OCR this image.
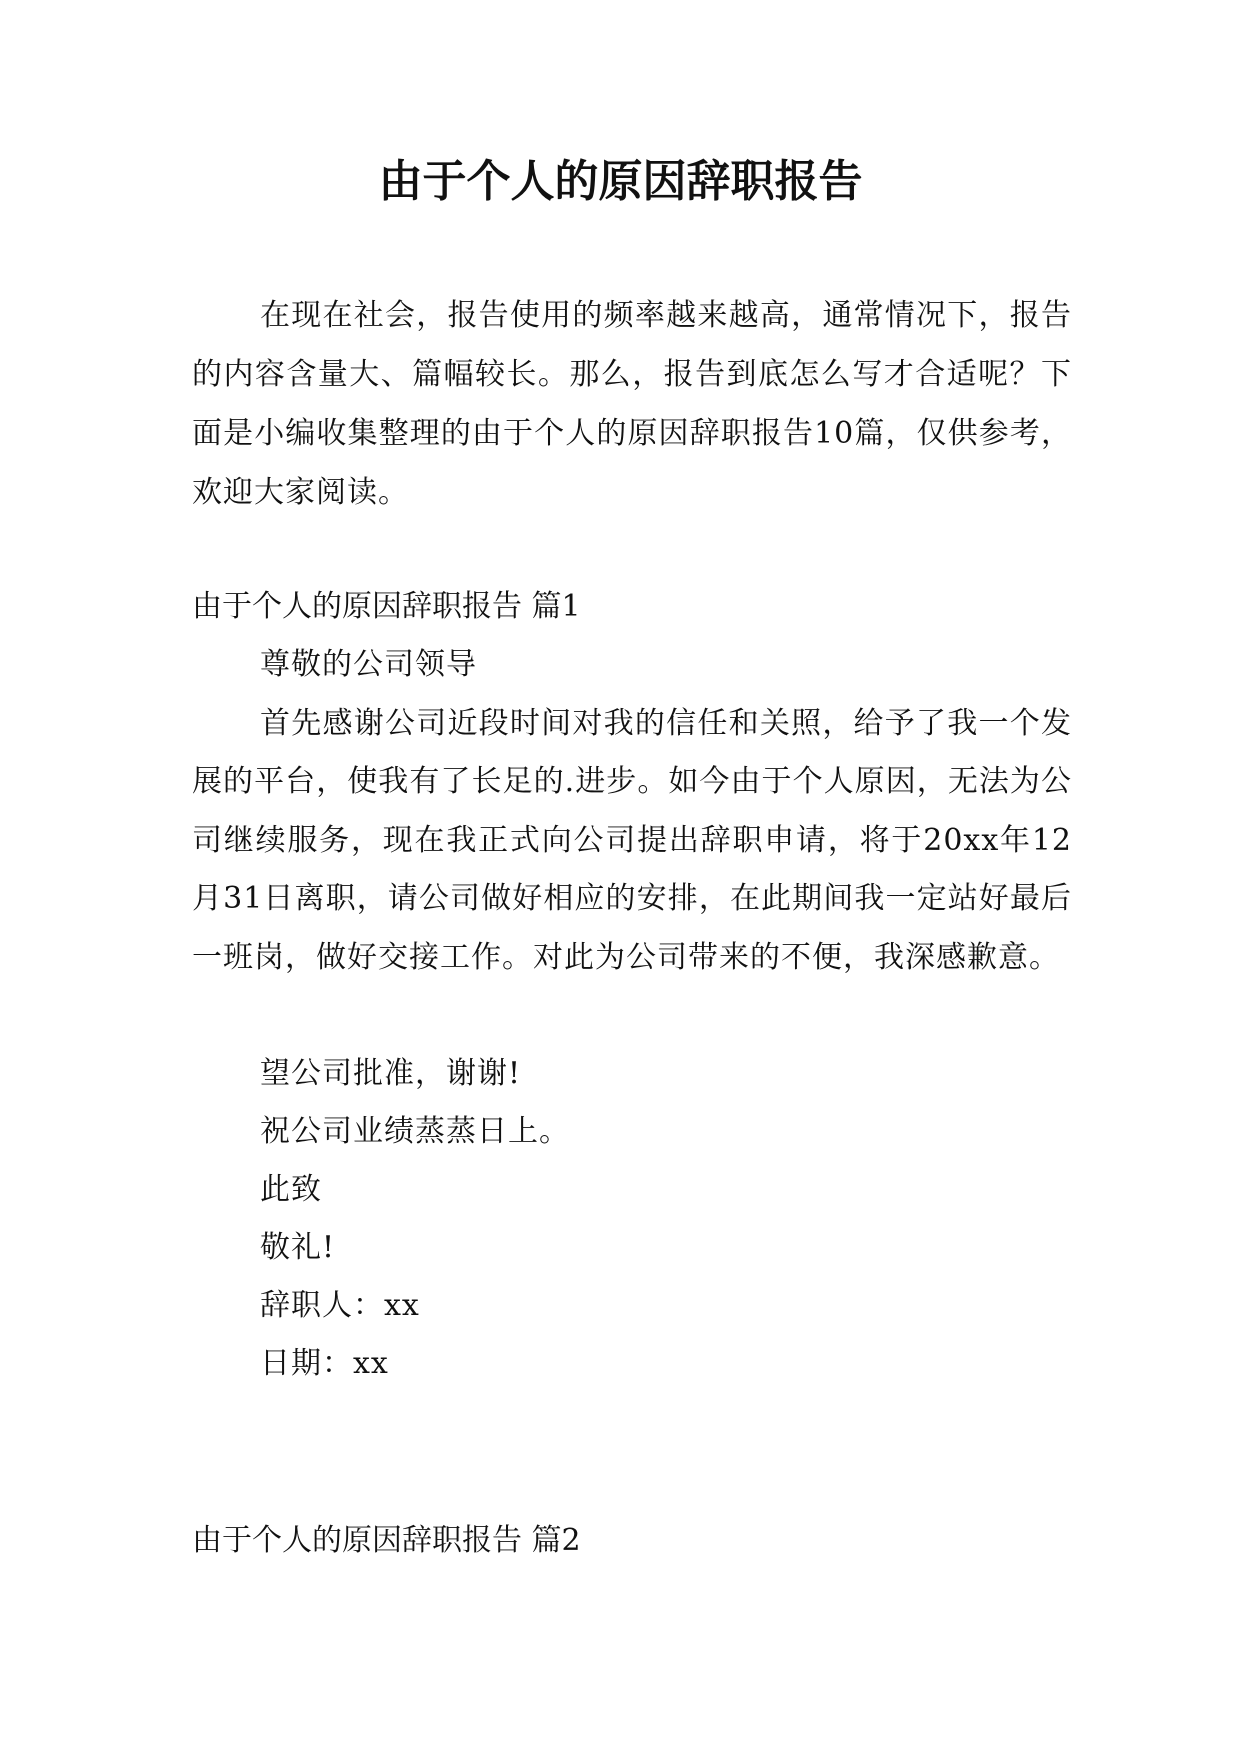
由于个人的原因辞职报告

在现在社会，报告使用的频率越来越高，通常情况下，报告的内容含量大、篇幅较长。那么，报告到底怎么写才合适呢？下面是小编收集整理的由于个人的原因辞职报告10篇，仅供参考，欢迎大家阅读。

由于个人的原因辞职报告 篇1

尊敬的公司领导

首先感谢公司近段时间对我的信任和关照，给予了我一个发展的平台，使我有了长足的.进步。如今由于个人原因，无法为公司继续服务，现在我正式向公司提出辞职申请，将于20xx年12月31日离职，请公司做好相应的安排，在此期间我一定站好最后一班岗，做好交接工作。对此为公司带来的不便，我深感歉意。

望公司批准，谢谢!

祝公司业绩蒸蒸日上。

此致

敬礼!

辞职人：xx

日期：xx

由于个人的原因辞职报告 篇2
